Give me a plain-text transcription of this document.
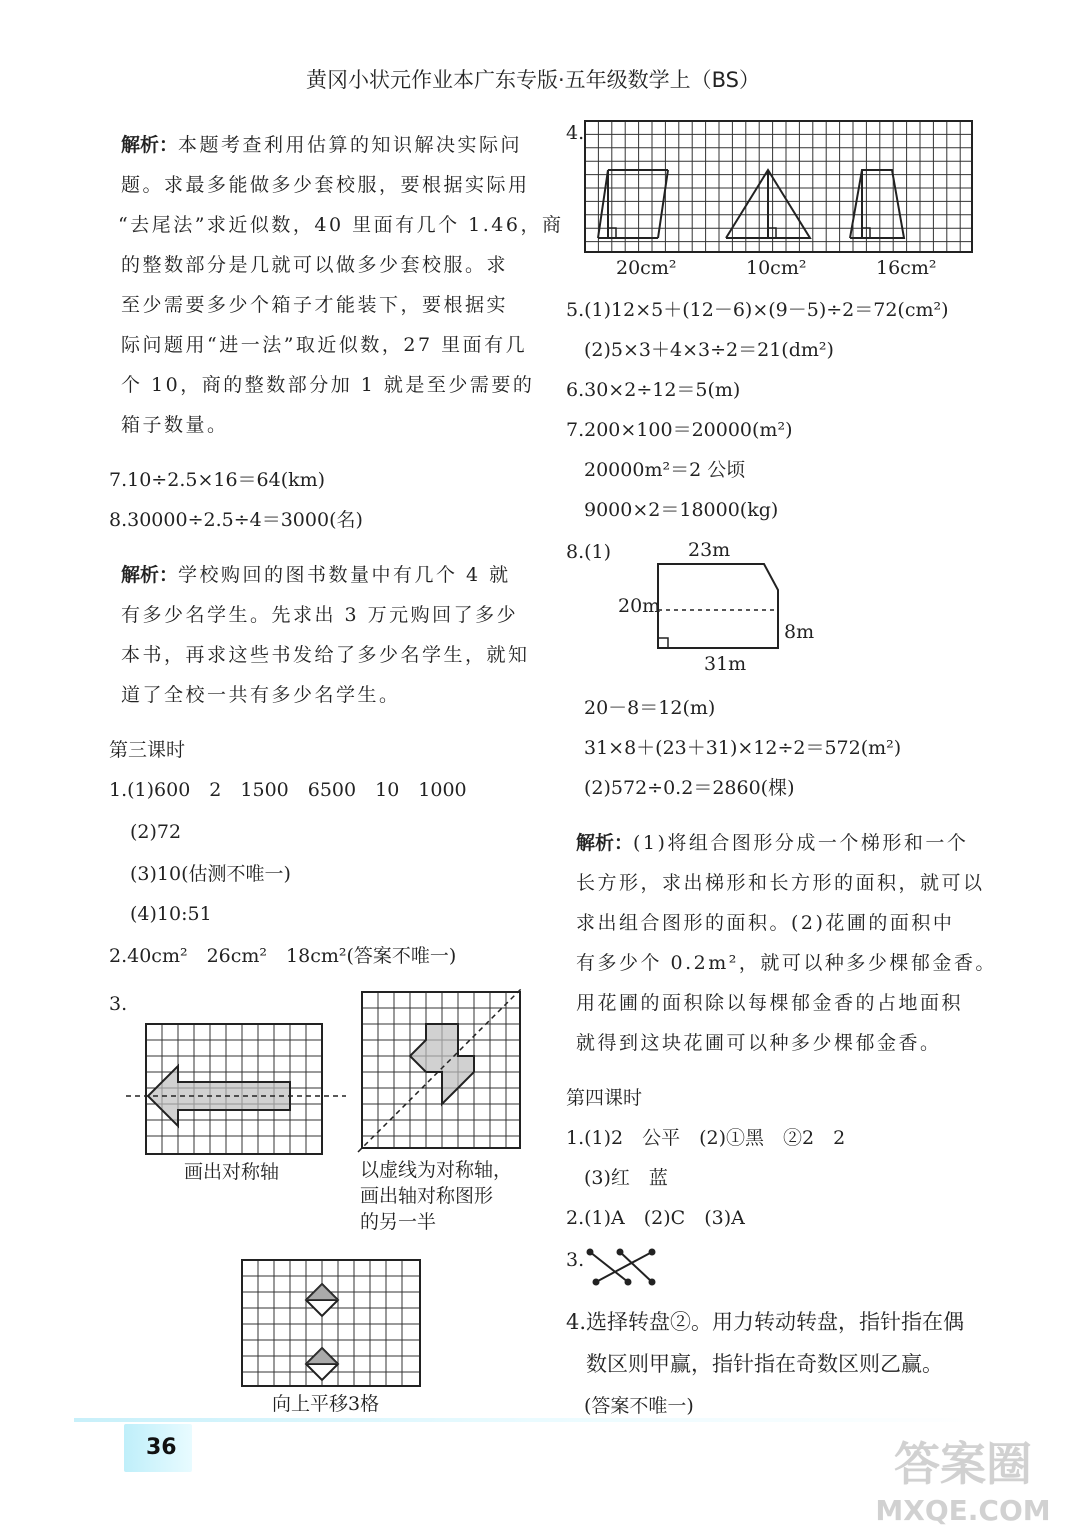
黄冈小状元作业本广东专版·五年级数学上（BS）
解析：本题考查利用估算的知识解决实际问
题。求最多能做多少套校服，要根据实际用
“去尾法”求近似数，40 里面有几个 1.46，商
的整数部分是几就可以做多少套校服。求
至少需要多少个箱子才能装下，要根据实
际问题用“进一法”取近似数，27 里面有几
个 10，商的整数部分加 1 就是至少需要的
箱子数量。
7.10÷2.5×16＝64(km)
8.30000÷2.5÷4＝3000(名)
解析：学校购回的图书数量中有几个 4 就
有多少名学生。先求出 3 万元购回了多少
本书，再求这些书发给了多少名学生，就知
道了全校一共有多少名学生。
第三课时
1.(1)600　2　1500　6500　10　1000
(2)72
(3)10(估测不唯一)
(4)10:51
2.40cm²　26cm²　18cm²(答案不唯一)
3.
画出对称轴	以虚线为对称轴，
画出轴对称图形
的另一半
向上平移3格
4.
20cm²	10cm²	16cm²
5.(1)12×5＋(12－6)×(9－5)÷2＝72(cm²)
(2)5×3＋4×3÷2＝21(dm²)
6.30×2÷12＝5(m)
7.200×100＝20000(m²)
20000m²＝2 公顷
9000×2＝18000(kg)
8.(1)	23m
20m
8m
31m
20－8＝12(m)
31×8＋(23＋31)×12÷2＝572(m²)
(2)572÷0.2＝2860(棵)
解析：(1)将组合图形分成一个梯形和一个
长方形，求出梯形和长方形的面积，就可以
求出组合图形的面积。(2)花圃的面积中
有多少个 0.2m²，就可以种多少棵郁金香。
用花圃的面积除以每棵郁金香的占地面积
就得到这块花圃可以种多少棵郁金香。
第四课时
1.(1)2　公平　(2)①黑　②2　2
(3)红　蓝
2.(1)A　(2)C　(3)A
3.
4.选择转盘②。用力转动转盘，指针指在偶
数区则甲赢，指针指在奇数区则乙赢。
(答案不唯一)
36	答案圈
MXQE.COM
